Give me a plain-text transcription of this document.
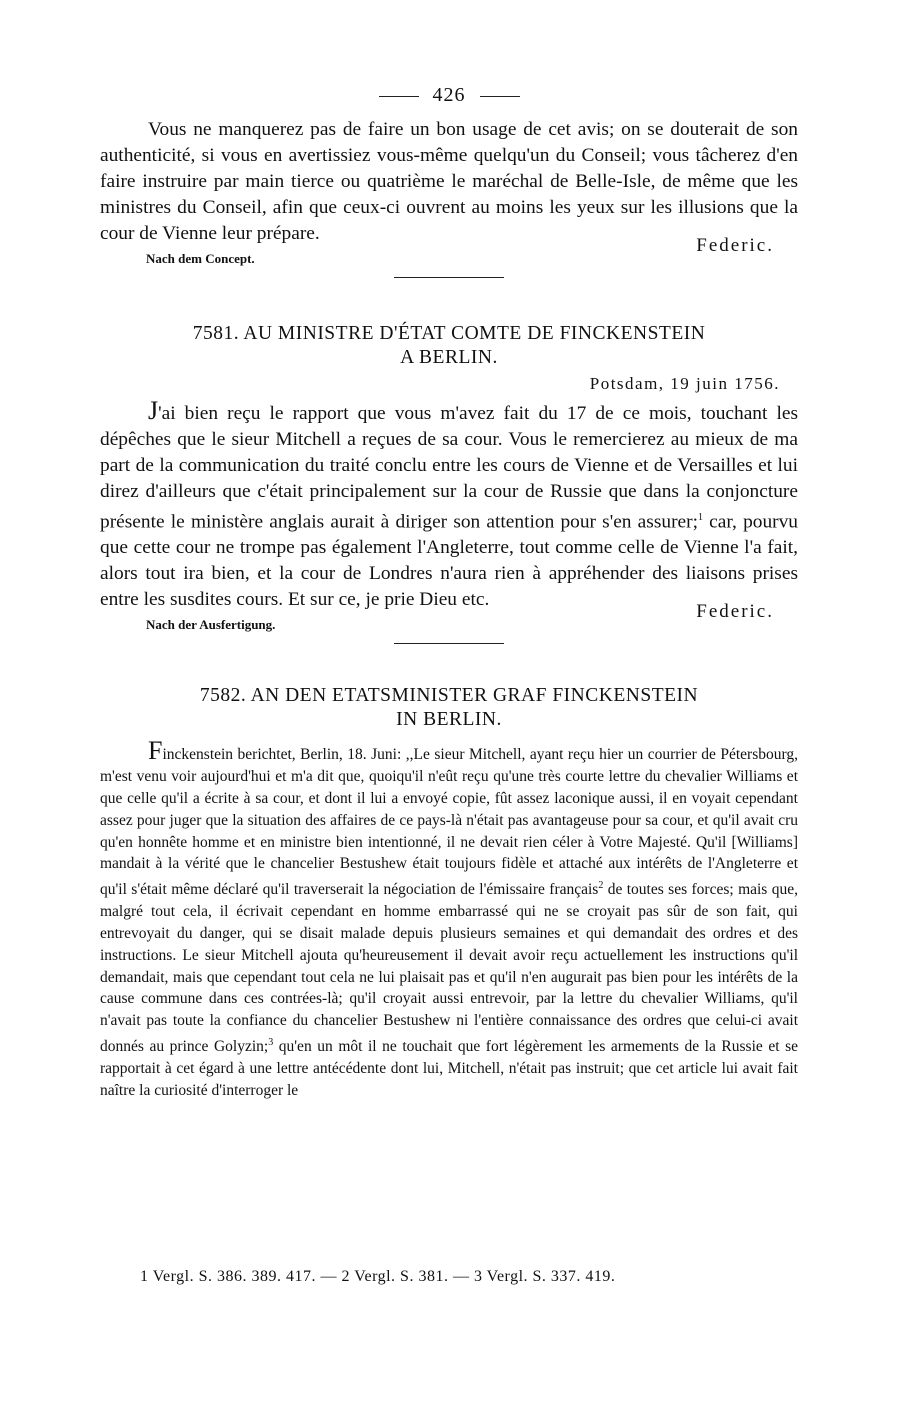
426

Vous ne manquerez pas de faire un bon usage de cet avis; on se douterait de son authenticité, si vous en avertissiez vous-même quelqu'un du Conseil; vous tâcherez d'en faire instruire par main tierce ou quatrième le maréchal de Belle-Isle, de même que les ministres du Conseil, afin que ceux-ci ouvrent au moins les yeux sur les illusions que la cour de Vienne leur prépare.

Nach dem Concept.
Federic.
7581. AU MINISTRE D'ÉTAT COMTE DE FINCKENSTEIN
A BERLIN.
Potsdam, 19 juin 1756.

J'ai bien reçu le rapport que vous m'avez fait du 17 de ce mois, touchant les dépêches que le sieur Mitchell a reçues de sa cour. Vous le remercierez au mieux de ma part de la communication du traité conclu entre les cours de Vienne et de Versailles et lui direz d'ailleurs que c'était principalement sur la cour de Russie que dans la conjoncture présente le ministère anglais aurait à diriger son attention pour s'en assurer;$^1$ car, pourvu que cette cour ne trompe pas également l'Angleterre, tout comme celle de Vienne l'a fait, alors tout ira bien, et la cour de Londres n'aura rien à appréhender des liaisons prises entre les susdites cours. Et sur ce, je prie Dieu etc.

Nach der Ausfertigung.
Federic.
7582. AN DEN ETATSMINISTER GRAF FINCKENSTEIN
IN BERLIN.

Finckenstein berichtet, Berlin, 18. Juni: ,,Le sieur Mitchell, ayant reçu hier un courrier de Pétersbourg, m'est venu voir aujourd'hui et m'a dit que, quoiqu'il n'eût reçu qu'une très courte lettre du chevalier Williams et que celle qu'il a écrite à sa cour, et dont il lui a envoyé copie, fût assez laconique aussi, il en voyait cependant assez pour juger que la situation des affaires de ce pays-là n'était pas avantageuse pour sa cour, et qu'il avait cru qu'en honnête homme et en ministre bien intentionné, il ne devait rien céler à Votre Majesté. Qu'il [Williams] mandait à la vérité que le chancelier Bestushew était toujours fidèle et attaché aux intérêts de l'Angleterre et qu'il s'était même déclaré qu'il traverserait la négociation de l'émissaire français$^2$ de toutes ses forces; mais que, malgré tout cela, il écrivait cependant en homme embarrassé qui ne se croyait pas sûr de son fait, qui entrevoyait du danger, qui se disait malade depuis plusieurs semaines et qui demandait des ordres et des instructions. Le sieur Mitchell ajouta qu'heureusement il devait avoir reçu actuellement les instructions qu'il demandait, mais que cependant tout cela ne lui plaisait pas et qu'il n'en augurait pas bien pour les intérêts de la cause commune dans ces contrées-là; qu'il croyait aussi entrevoir, par la lettre du chevalier Williams, qu'il n'avait pas toute la confiance du chancelier Bestushew ni l'entière connaissance des ordres que celui-ci avait donnés au prince Golyzin;$^3$ qu'en un môt il ne touchait que fort légèrement les armements de la Russie et se rapportait à cet égard à une lettre antécédente dont lui, Mitchell, n'était pas instruit; que cet article lui avait fait naître la curiosité d'interroger le

1 Vergl. S. 386. 389. 417. — 2 Vergl. S. 381. — 3 Vergl. S. 337. 419.
